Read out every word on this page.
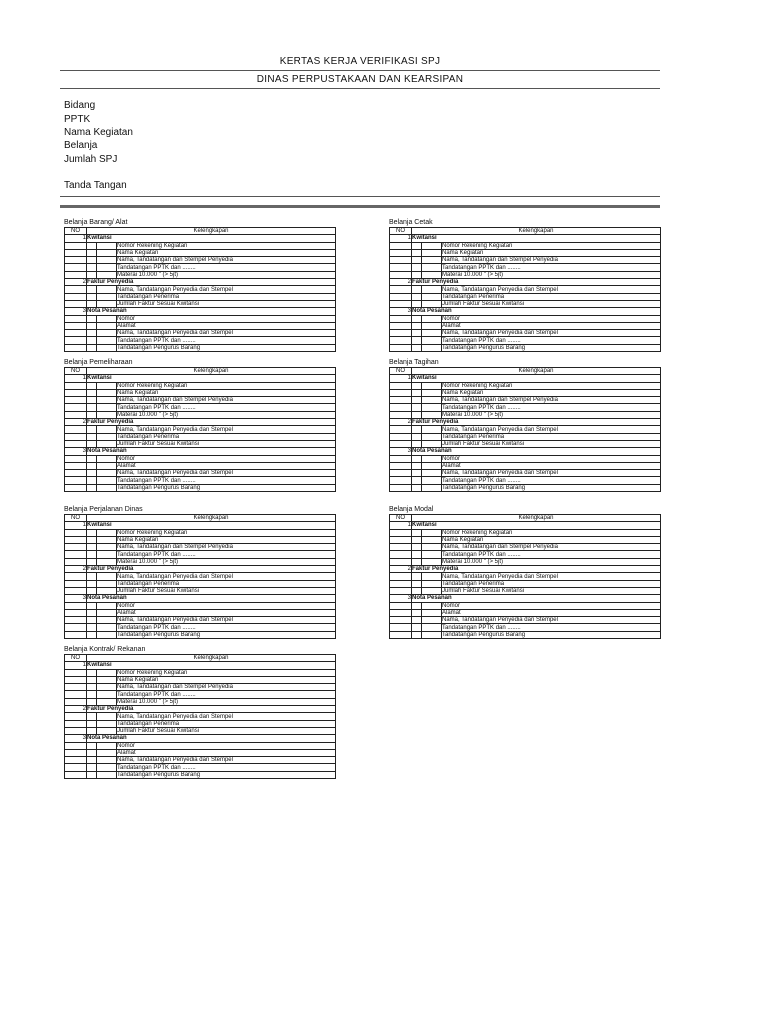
KERTAS KERJA VERIFIKASI SPJ
DINAS PERPUSTAKAAN DAN KEARSIPAN
Bidang
PPTK
Nama Kegiatan
Belanja
Jumlah SPJ
Tanda Tangan
Belanja Barang/ Alat
NO	Kelengkapan		
1	Kwitansi		
			Nomor Rekening Kegiatan
			Nama Kegiatan
			Nama, Tandatangan dan Stempel Penyedia
			Tandatangan PPTK dan ........
			Materai 10.000 " (> 5jt)
2	Faktur Penyedia		
			Nama, Tandatangan Penyedia dan Stempel
			Tandatangan Penerima
			Jumlah Faktur Sesuai Kwitansi
3	Nota Pesanan		
			Nomor
			Alamat
			Nama, Tandatangan Penyedia dan Stempel
			Tandatangan PPTK dan ........
			Tandatangan Pengurus Barang
Belanja Cetak
NO	Kelengkapan		
1	Kwitansi		
			Nomor Rekening Kegiatan
			Nama Kegiatan
			Nama, Tandatangan dan Stempel Penyedia
			Tandatangan PPTK dan ........
			Materai 10.000 " (> 5jt)
2	Faktur Penyedia		
			Nama, Tandatangan Penyedia dan Stempel
			Tandatangan Penerima
			Jumlah Faktur Sesuai Kwitansi
3	Nota Pesanan		
			Nomor
			Alamat
			Nama, Tandatangan Penyedia dan Stempel
			Tandatangan PPTK dan ........
			Tandatangan Pengurus Barang
Belanja Pemeliharaan
NO	Kelengkapan		
1	Kwitansi		
			Nomor Rekening Kegiatan
			Nama Kegiatan
			Nama, Tandatangan dan Stempel Penyedia
			Tandatangan PPTK dan ........
			Materai 10.000 " (> 5jt)
2	Faktur Penyedia		
			Nama, Tandatangan Penyedia dan Stempel
			Tandatangan Penerima
			Jumlah Faktur Sesuai Kwitansi
3	Nota Pesanan		
			Nomor
			Alamat
			Nama, Tandatangan Penyedia dan Stempel
			Tandatangan PPTK dan ........
			Tandatangan Pengurus Barang
Belanja Tagihan
NO	Kelengkapan		
1	Kwitansi		
			Nomor Rekening Kegiatan
			Nama Kegiatan
			Nama, Tandatangan dan Stempel Penyedia
			Tandatangan PPTK dan ........
			Materai 10.000 " (> 5jt)
2	Faktur Penyedia		
			Nama, Tandatangan Penyedia dan Stempel
			Tandatangan Penerima
			Jumlah Faktur Sesuai Kwitansi
3	Nota Pesanan		
			Nomor
			Alamat
			Nama, Tandatangan Penyedia dan Stempel
			Tandatangan PPTK dan ........
			Tandatangan Pengurus Barang
Belanja Perjalanan Dinas
NO	Kelengkapan		
1	Kwitansi		
			Nomor Rekening Kegiatan
			Nama Kegiatan
			Nama, Tandatangan dan Stempel Penyedia
			Tandatangan PPTK dan ........
			Materai 10.000 " (> 5jt)
2	Faktur Penyedia		
			Nama, Tandatangan Penyedia dan Stempel
			Tandatangan Penerima
			Jumlah Faktur Sesuai Kwitansi
3	Nota Pesanan		
			Nomor
			Alamat
			Nama, Tandatangan Penyedia dan Stempel
			Tandatangan PPTK dan ........
			Tandatangan Pengurus Barang
Belanja Modal
NO	Kelengkapan		
1	Kwitansi		
			Nomor Rekening Kegiatan
			Nama Kegiatan
			Nama, Tandatangan dan Stempel Penyedia
			Tandatangan PPTK dan ........
			Materai 10.000 " (> 5jt)
2	Faktur Penyedia		
			Nama, Tandatangan Penyedia dan Stempel
			Tandatangan Penerima
			Jumlah Faktur Sesuai Kwitansi
3	Nota Pesanan		
			Nomor
			Alamat
			Nama, Tandatangan Penyedia dan Stempel
			Tandatangan PPTK dan ........
			Tandatangan Pengurus Barang
Belanja Kontrak/ Rekanan
NO	Kelengkapan		
1	Kwitansi		
			Nomor Rekening Kegiatan
			Nama Kegiatan
			Nama, Tandatangan dan Stempel Penyedia
			Tandatangan PPTK dan ........
			Materai 10.000 " (> 5jt)
2	Faktur Penyedia		
			Nama, Tandatangan Penyedia dan Stempel
			Tandatangan Penerima
			Jumlah Faktur Sesuai Kwitansi
3	Nota Pesanan		
			Nomor
			Alamat
			Nama, Tandatangan Penyedia dan Stempel
			Tandatangan PPTK dan ........
			Tandatangan Pengurus Barang
